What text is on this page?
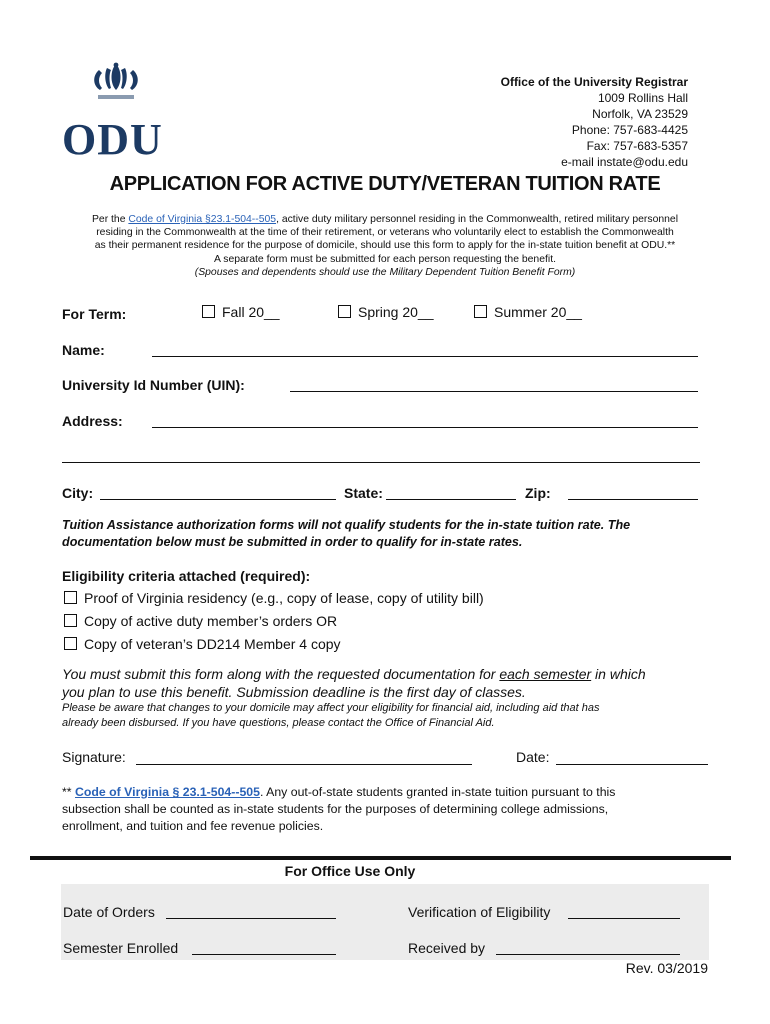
ODU
Office of the University Registrar
1009 Rollins Hall
Norfolk, VA 23529
Phone: 757-683-4425
Fax: 757-683-5357
e-mail instate@odu.edu
APPLICATION FOR ACTIVE DUTY/VETERAN TUITION RATE
Per the Code of Virginia §23.1-504--505, active duty military personnel residing in the Commonwealth, retired military personnel
residing in the Commonwealth at the time of their retirement, or veterans who voluntarily elect to establish the Commonwealth
as their permanent residence for the purpose of domicile, should use this form to apply for the in-state tuition benefit at ODU.**
A separate form must be submitted for each person requesting the benefit.
(Spouses and dependents should use the Military Dependent Tuition Benefit Form)
For Term:	Fall 20__	Spring 20__	Summer 20__
Name:
University Id Number (UIN):
Address:
City:	State:	Zip:
Tuition Assistance authorization forms will not qualify students for the in-state tuition rate. The
documentation below must be submitted in order to qualify for in-state rates.
Eligibility criteria attached (required):
Proof of Virginia residency (e.g., copy of lease, copy of utility bill)
Copy of active duty member’s orders OR
Copy of veteran’s DD214 Member 4 copy
You must submit this form along with the requested documentation for each semester in which
you plan to use this benefit. Submission deadline is the first day of classes.
Please be aware that changes to your domicile may affect your eligibility for financial aid, including aid that has
already been disbursed. If you have questions, please contact the Office of Financial Aid.
Signature:	Date:
** Code of Virginia § 23.1-504--505. Any out-of-state students granted in-state tuition pursuant to this
subsection shall be counted as in-state students for the purposes of determining college admissions,
enrollment, and tuition and fee revenue policies.
For Office Use Only
Date of Orders	Verification of Eligibility
Semester Enrolled	Received by
Rev. 03/2019
